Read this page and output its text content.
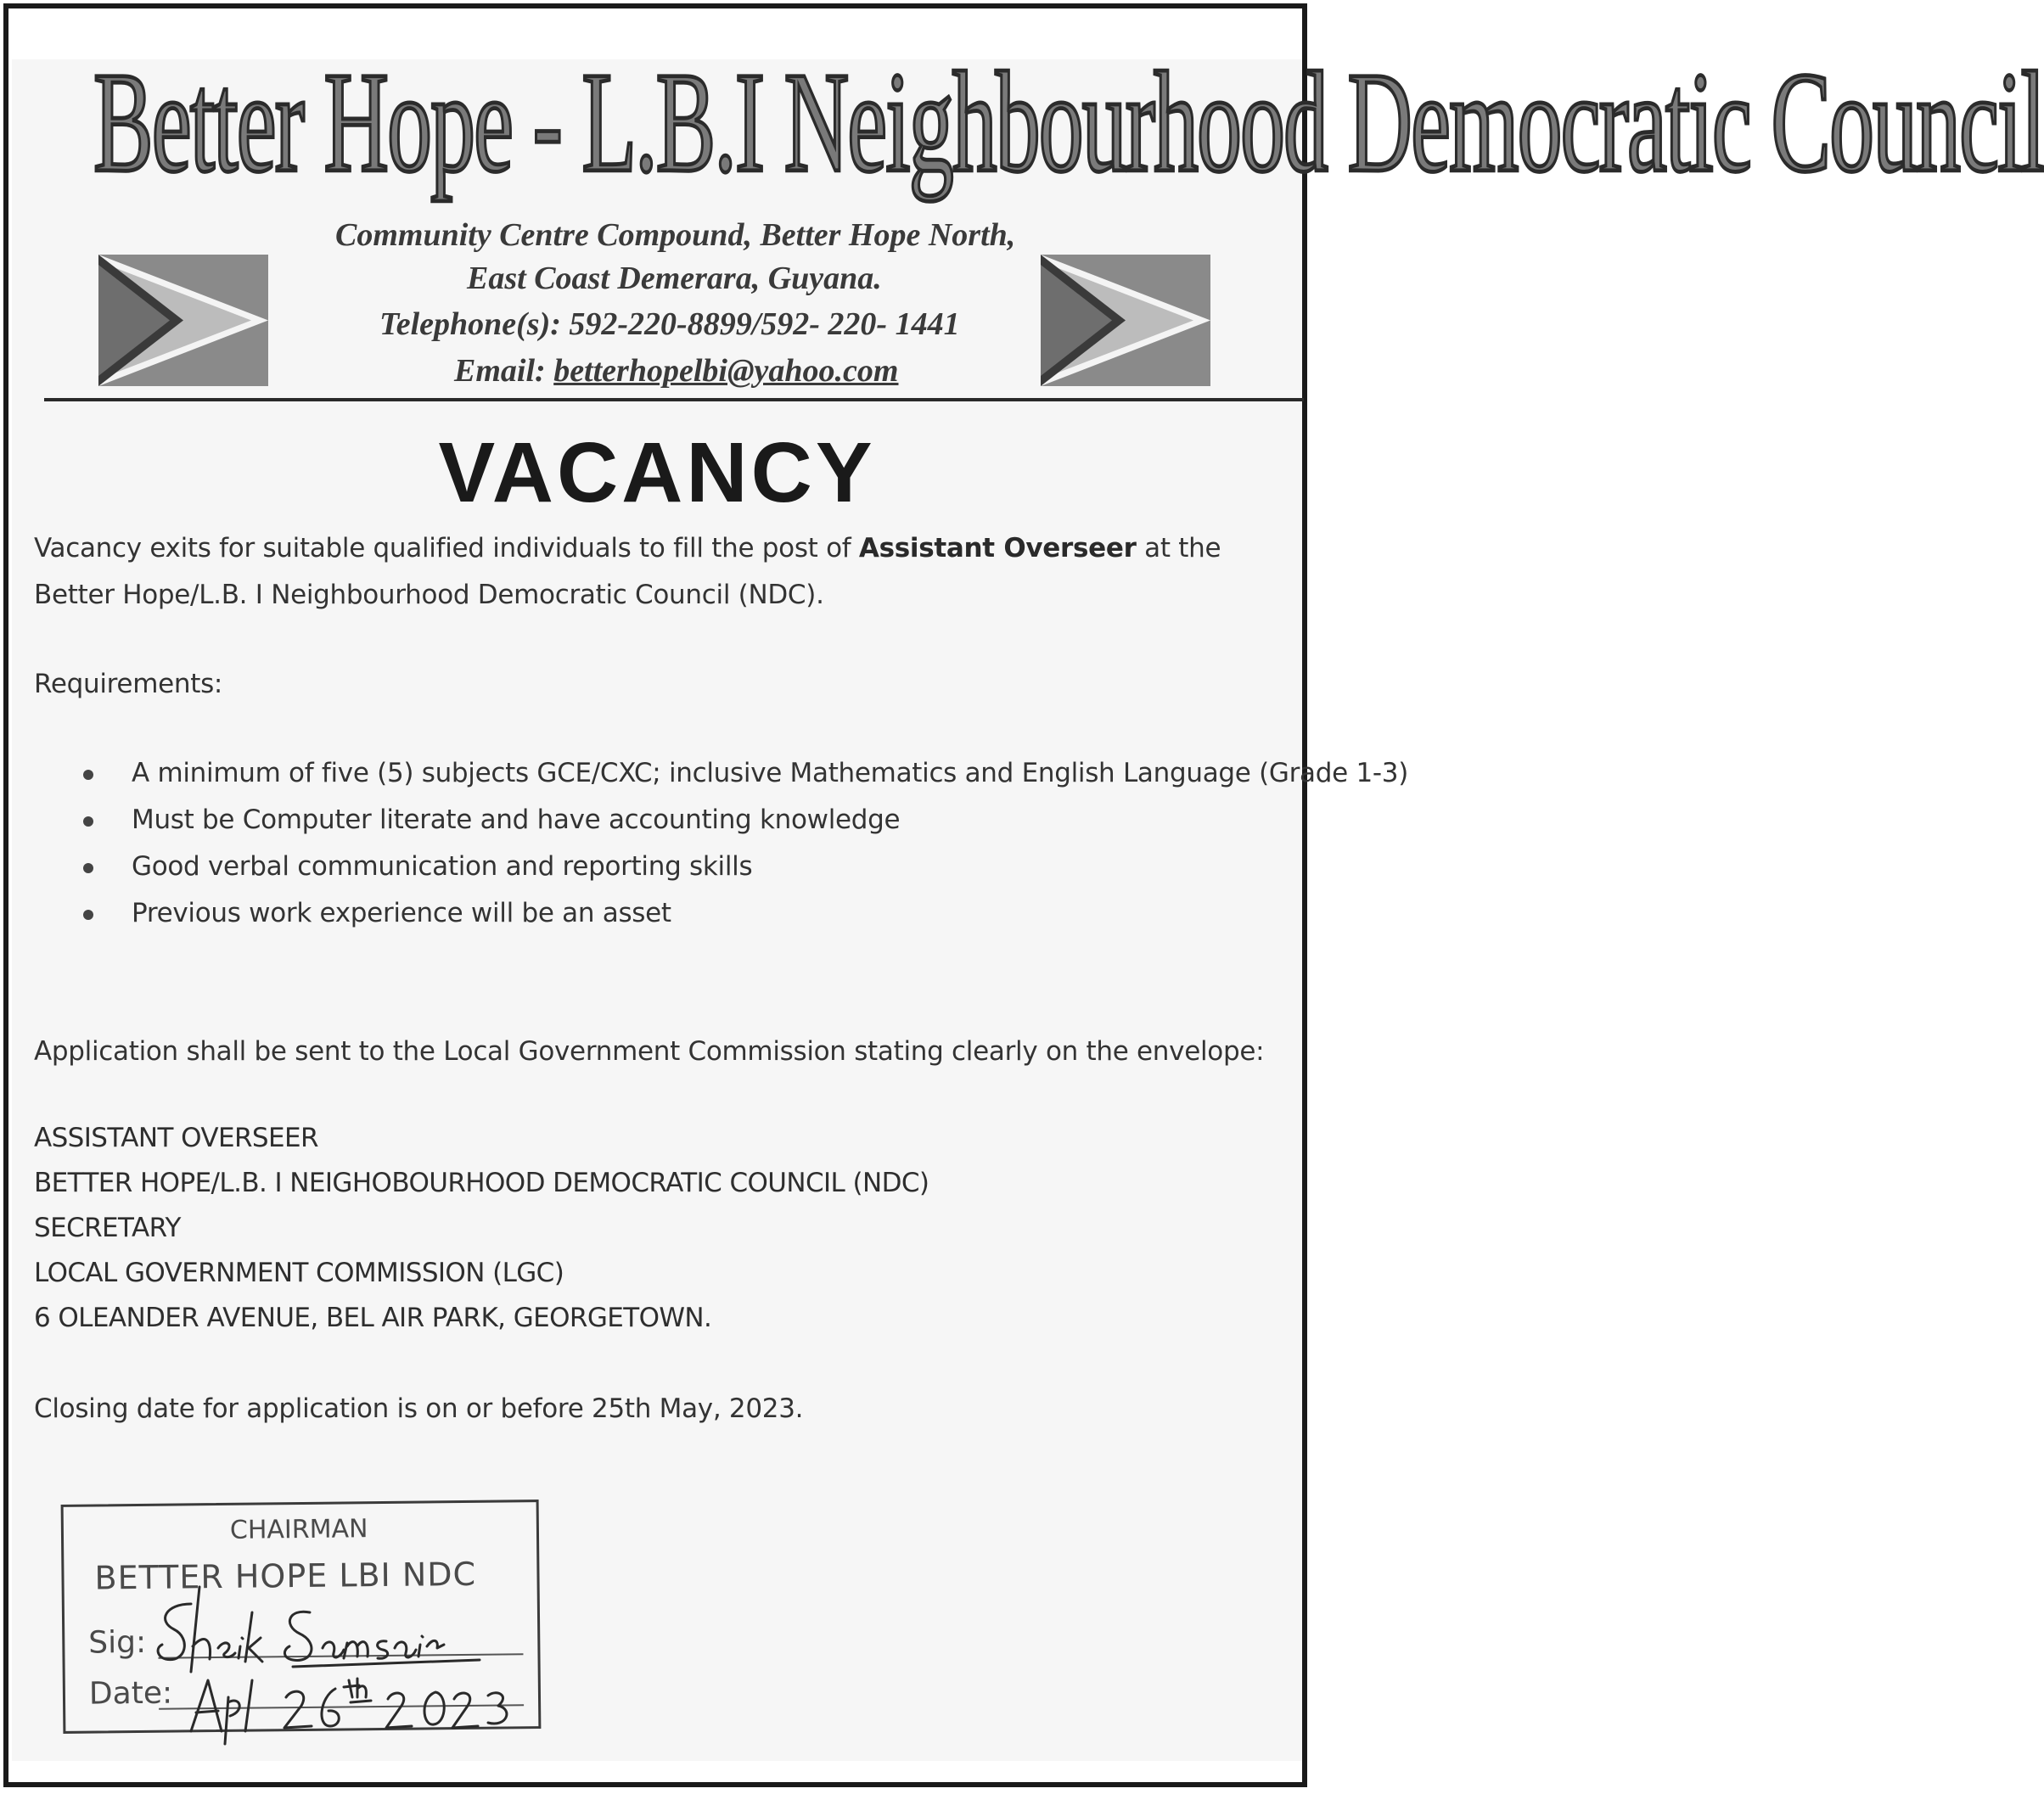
Better Hope - L.B.I Neighbourhood Democratic Council
Community Centre Compound, Better Hope North,
East Coast Demerara, Guyana.
Telephone(s): 592-220-8899/592- 220- 1441
Email: betterhopelbi@yahoo.com
VACANCY
Vacancy exits for suitable qualified individuals to fill the post of Assistant Overseer at the
Better Hope/L.B. I Neighbourhood Democratic Council (NDC).
Requirements:
A minimum of five (5) subjects GCE/CXC; inclusive Mathematics and English Language (Grade 1-3)
Must be Computer literate and have accounting knowledge
Good verbal communication and reporting skills
Previous work experience will be an asset
Application shall be sent to the Local Government Commission stating clearly on the envelope:
ASSISTANT OVERSEER
BETTER HOPE/L.B. I NEIGHOBOURHOOD DEMOCRATIC COUNCIL (NDC)
SECRETARY
LOCAL GOVERNMENT COMMISSION (LGC)
6 OLEANDER AVENUE, BEL AIR PARK, GEORGETOWN.
Closing date for application is on or before 25th May, 2023.
CHAIRMAN
BETTER HOPE LBI NDC
Sig:
Date:
